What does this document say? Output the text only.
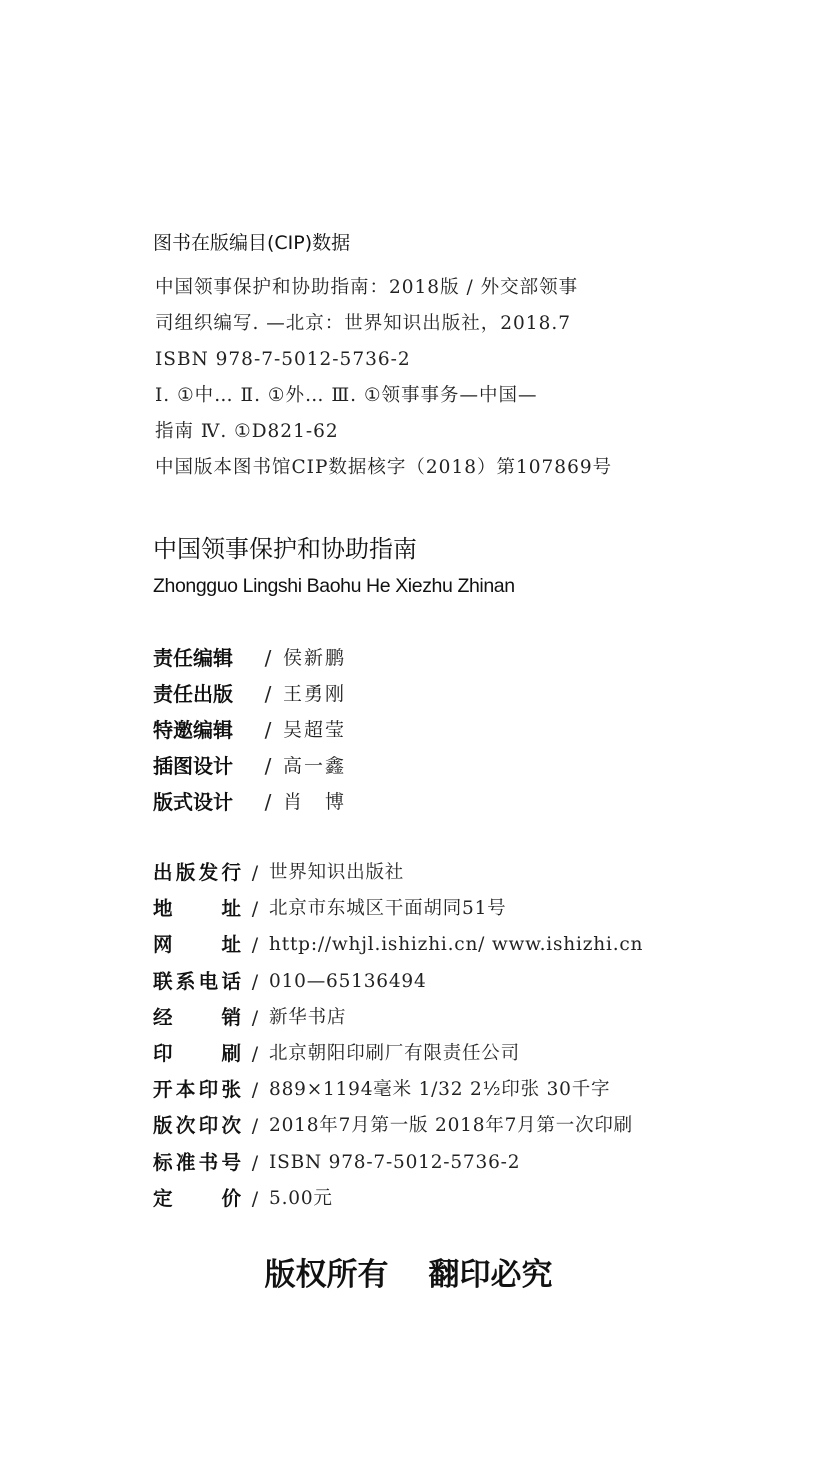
图书在版编目(CIP)数据
中国领事保护和协助指南：2018版 / 外交部领事
司组织编写. —北京：世界知识出版社，2018.7
ISBN 978-7-5012-5736-2
Ⅰ. ①中… Ⅱ. ①外… Ⅲ. ①领事事务—中国—
指南 Ⅳ. ①D821-62
中国版本图书馆CIP数据核字（2018）第107869号
中国领事保护和协助指南
Zhongguo Lingshi Baohu He Xiezhu Zhinan
责任编辑	/ 侯新鹏
责任出版	/ 王勇刚
特邀编辑	/ 吴超莹
插图设计	/ 高一鑫
版式设计	/ 肖　博
出 版 发 行 / 世界知识出版社
地	址 / 北京市东城区干面胡同51号
网	址 / http://whjl.ishizhi.cn/ www.ishizhi.cn
联 系 电 话 / 010—65136494
经	销 / 新华书店
印	刷 / 北京朝阳印刷厂有限责任公司
开 本 印 张 / 889×1194毫米 1/32 2½印张 30千字
版 次 印 次 / 2018年7月第一版 2018年7月第一次印刷
标 准 书 号 / ISBN 978-7-5012-5736-2
定	价 / 5.00元
版权所有 翻印必究
